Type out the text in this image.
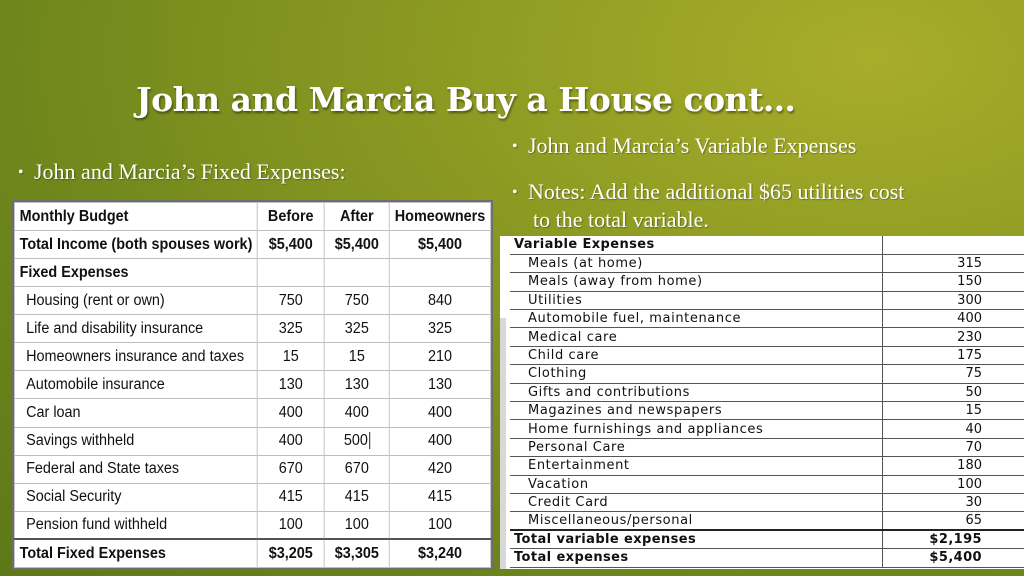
John and Marcia Buy a House cont…
• John and Marcia’s Fixed Expenses:
• John and Marcia’s Variable Expenses
• Notes: Add the additional $65 utilities cost
to the total variable.
Monthly Budget	Before	After	Homeowners
Total Income (both spouses work)	$5,400	$5,400	$5,400
Fixed Expenses			
Housing (rent or own)	750	750	840
Life and disability insurance	325	325	325
Homeowners insurance and taxes	15	15	210
Automobile insurance	130	130	130
Car loan	400	400	400
Savings withheld	400	500	400
Federal and State taxes	670	670	420
Social Security	415	415	415
Pension fund withheld	100	100	100
Total Fixed Expenses	$3,205	$3,305	$3,240
Variable Expenses	
Meals (at home)	315
Meals (away from home)	150
Utilities	300
Automobile fuel, maintenance	400
Medical care	230
Child care	175
Clothing	75
Gifts and contributions	50
Magazines and newspapers	15
Home furnishings and appliances	40
Personal Care	70
Entertainment	180
Vacation	100
Credit Card	30
Miscellaneous/personal	65
Total variable expenses	$2,195
Total expenses	$5,400
